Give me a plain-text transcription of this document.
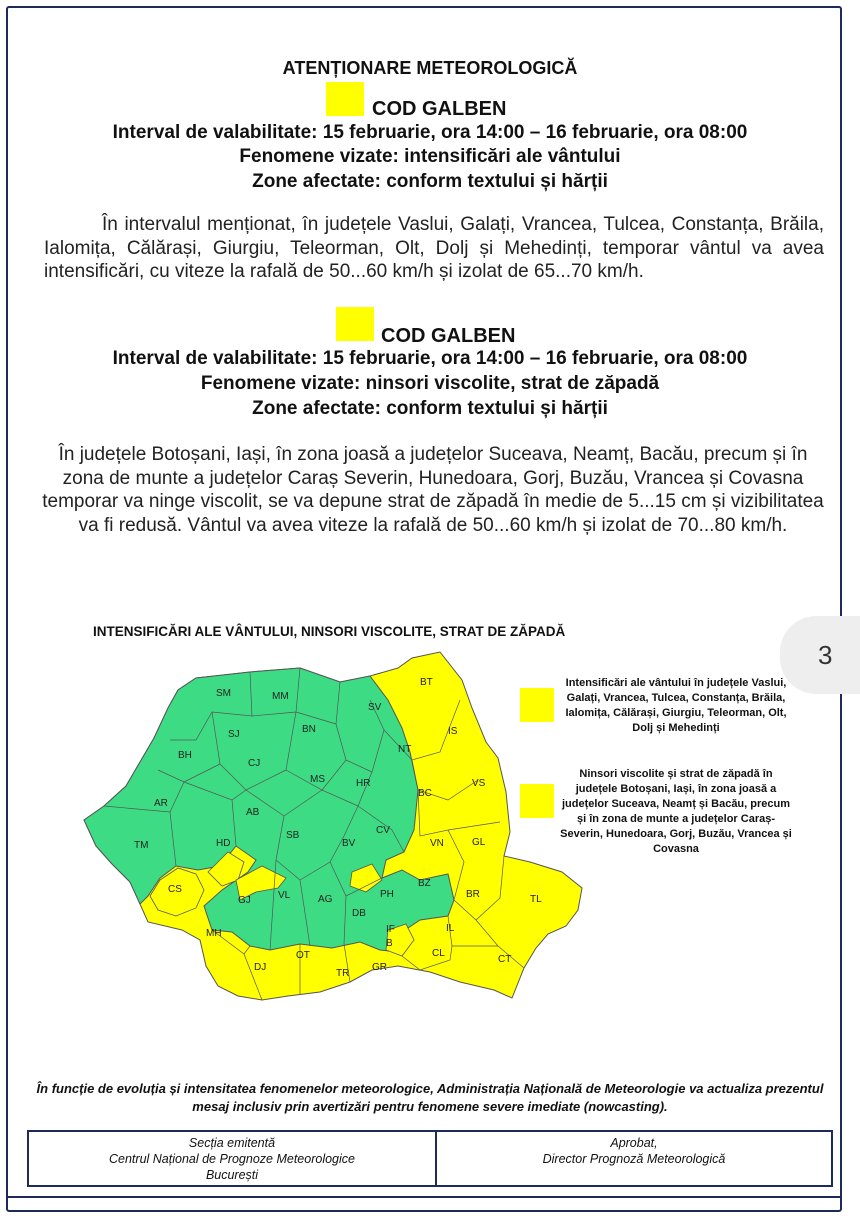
ATENȚIONARE METEOROLOGICĂ
COD GALBEN
Interval de valabilitate: 15 februarie, ora 14:00 – 16 februarie, ora 08:00
Fenomene vizate: intensificări ale vântului
Zone afectate: conform textului și hărții
În intervalul menționat, în județele Vaslui, Galați, Vrancea, Tulcea, Constanța, Brăila, Ialomița, Călărași, Giurgiu, Teleorman, Olt, Dolj și Mehedinți, temporar vântul va avea intensificări, cu viteze la rafală de 50...60 km/h și izolat de 65...70 km/h.
COD GALBEN
Interval de valabilitate: 15 februarie, ora 14:00 – 16 februarie, ora 08:00
Fenomene vizate: ninsori viscolite, strat de zăpadă
Zone afectate: conform textului și hărții
În județele Botoșani, Iași, în zona joasă a județelor Suceava, Neamț, Bacău, precum și în zona de munte a județelor Caraș Severin, Hunedoara, Gorj, Buzău, Vrancea și Covasna temporar va ninge viscolit, se va depune strat de zăpadă în medie de 5...15 cm și vizibilitatea va fi redusă. Vântul va avea viteze la rafală de 50...60 km/h și izolat de 70...80 km/h.
INTENSIFICĂRI ALE VÂNTULUI, NINSORI VISCOLITE, STRAT DE ZĂPADĂ
SM	MM
BT
SV
SJ	BN	IS
BH
CJ
NT
MS	HR
AR
AB
BC
VS
TM	HD
SB	CV
VN	GL
BV
CS
GJ	VL	AG	PH
BZ
TL
BR
DB
IF	IL
MH
OT
B
DJ
TR
GR
CL
CT
Intensificări ale vântului în județele Vaslui, Galați, Vrancea, Tulcea, Constanța, Brăila, Ialomița, Călărași, Giurgiu, Teleorman, Olt, Dolj și Mehedinți
Ninsori viscolite și strat de zăpadă în județele Botoșani, Iași, în zona joasă a județelor Suceava, Neamț și Bacău, precum și în zona de munte a județelor Caraș-Severin, Hunedoara, Gorj, Buzău, Vrancea și Covasna
3
În funcție de evoluția și intensitatea fenomenelor meteorologice, Administrația Națională de Meteorologie va actualiza prezentul mesaj inclusiv prin avertizări pentru fenomene severe imediate (nowcasting).
Secția emitentă
Centrul Național de Prognoze Meteorologice
București
Aprobat,
Director Prognoză Meteorologică
